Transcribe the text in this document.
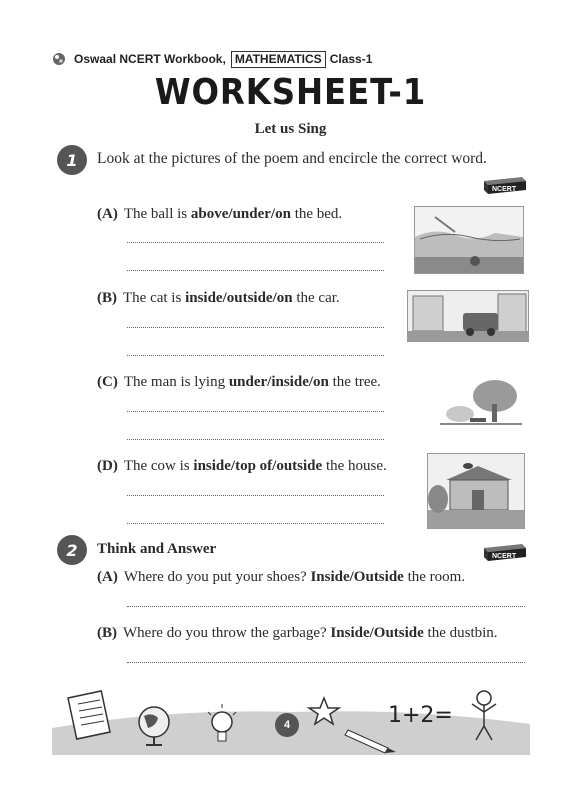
Oswaal NCERT Workbook, MATHEMATICS Class-1
WORKSHEET-1
Let us Sing
1	Look at the pictures of the poem and encircle the correct word.
NCERT
(A) The ball is above/under/on the bed.
(B) The cat is inside/outside/on the car.
(C) The man is lying under/inside/on the tree.
(D) The cow is inside/top of/outside the house.
2	Think and Answer	NCERT
(A) Where do you put your shoes? Inside/Outside the room.
(B) Where do you throw the garbage? Inside/Outside the dustbin.
1+2=
4
